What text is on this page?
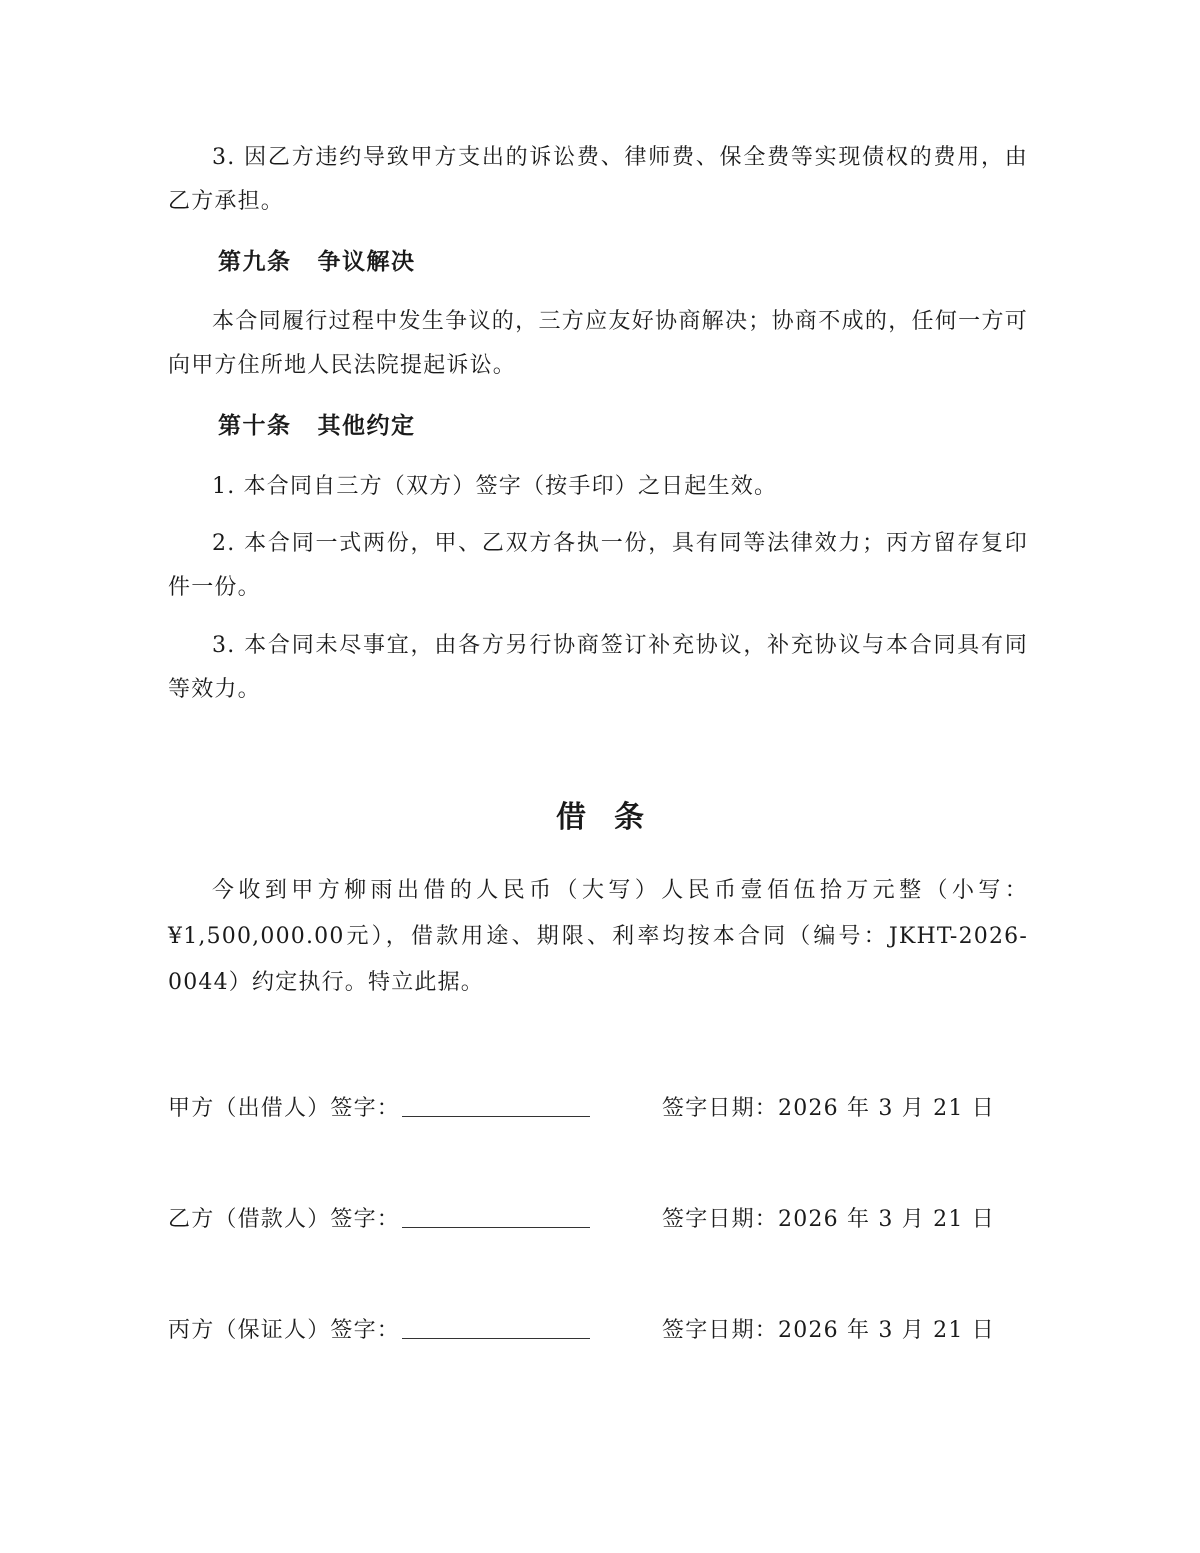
3. 因乙方违约导致甲方支出的诉讼费、律师费、保全费等实现债权的费用，由乙方承担。

第九条 争议解决

本合同履行过程中发生争议的，三方应友好协商解决；协商不成的，任何一方可向甲方住所地人民法院提起诉讼。

第十条 其他约定

1. 本合同自三方（双方）签字（按手印）之日起生效。

2. 本合同一式两份，甲、乙双方各执一份，具有同等法律效力；丙方留存复印件一份。

3. 本合同未尽事宜，由各方另行协商签订补充协议，补充协议与本合同具有同等效力。

借条

今收到甲方柳雨出借的人民币（大写）人民币壹佰伍拾万元整（小写：¥1,500,000.00元），借款用途、期限、利率均按本合同（编号：JKHT-2026-0044）约定执行。特立此据。

甲方（出借人）签字：	签字日期：2026 年 3 月 21 日
乙方（借款人）签字：	签字日期：2026 年 3 月 21 日
丙方（保证人）签字：	签字日期：2026 年 3 月 21 日
